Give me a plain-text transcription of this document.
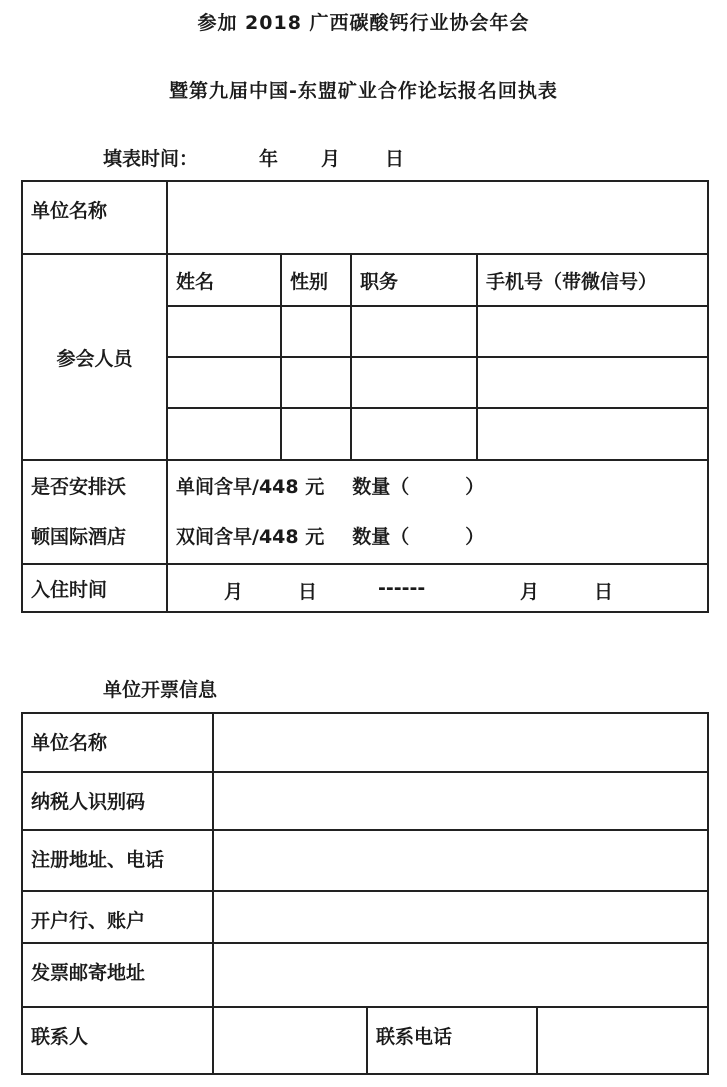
参加 2018 广西碳酸钙行业协会年会
暨第九届中国-东盟矿业合作论坛报名回执表
填表时间：	年 月 日
单位名称				
参会人员	姓名	性别	职务	手机号（带微信号）

是否安排沃
顿国际酒店	单间含早/448 元 数量（ ）
双间含早/448 元 数量（ ）			

入住时间	月 日 ------ 月 日			
单位开票信息
单位名称			
纳税人识别码			
注册地址、电话			
开户行、账户			
发票邮寄地址			
联系人		联系电话	
